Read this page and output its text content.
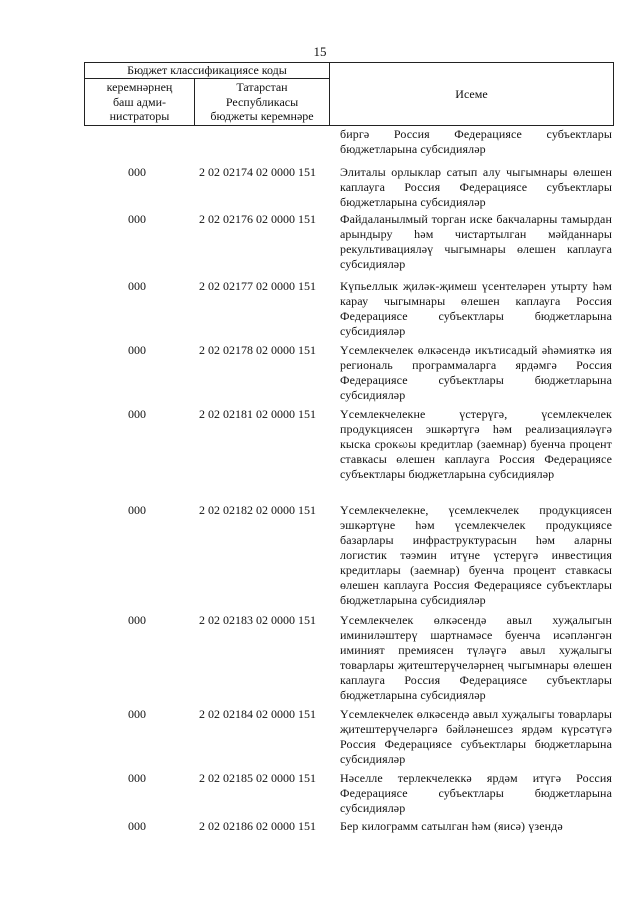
15
Бюджет классификациясе коды
керемнәрнең
баш адми-
нистраторы
Татарстан
Республикасы
бюджеты керемнәре
Исеме
биргә Россия Федерациясе субъектлары бюджетларына субсидияләр
000	2 02 02174 02 0000 151	Элиталы орлыклар сатып алу чыгымнары өлешен каплауга Россия Федерациясе субъектлары бюджетларына субсидияләр
000	2 02 02176 02 0000 151	Файдаланылмый торган иске бакчаларны тамырдан арындыру һәм чистартылган мәйданнары рекультивацияләү чыгымнары өлешен каплауга субсидияләр
000	2 02 02177 02 0000 151	Күпьеллык җиләк-җимеш үсентеләрен утырту һәм карау чыгымнары өлешен каплауга Россия Федерациясе субъектлары бюджетларына субсидияләр
000	2 02 02178 02 0000 151	Үсемлекчелек өлкәсендә икътисадый әһәмияткә ия региональ программаларга ярдәмгә Россия Федерациясе субъектлары бюджетларына субсидияләр
000	2 02 02181 02 0000 151	Үсемлекчелекне үстерүгә, үсемлекчелек продукциясен эшкәртүгә һәм реализацияләүгә кыска срокலы кредитлар (заемнар) буенча процент ставкасы өлешен каплауга Россия Федерациясе субъектлары бюджетларына субсидияләр
000	2 02 02182 02 0000 151	Үсемлекчелекне, үсемлекчелек продукциясен эшкәртүне һәм үсемлекчелек продукциясе базарлары инфраструктурасын һәм аларны логистик тәэмин итүне үстерүгә инвестиция кредитлары (заемнар) буенча процент ставкасы өлешен каплауга Россия Федерациясе субъектлары бюджетларына субсидияләр
000	2 02 02183 02 0000 151	Үсемлекчелек өлкәсендә авыл хуҗалыгын иминиләштерү шартнамәсе буенча исәпләнгән иминият премиясен түләүгә авыл хуҗалыгы товарлары җитештерүчеләрнең чыгымнары өлешен каплауга Россия Федерациясе субъектлары бюджетларына субсидияләр
000	2 02 02184 02 0000 151	Үсемлекчелек өлкәсендә авыл хуҗалыгы товарлары җитештерүчеләргә бәйләнешсез ярдәм күрсәтүгә Россия Федерациясе субъектлары бюджетларына субсидияләр
000	2 02 02185 02 0000 151	Нәселле терлекчелеккә ярдәм итүгә Россия Федерациясе субъектлары бюджетларына субсидияләр
000	2 02 02186 02 0000 151	Бер килограмм сатылган һәм (яисә) үзендә
